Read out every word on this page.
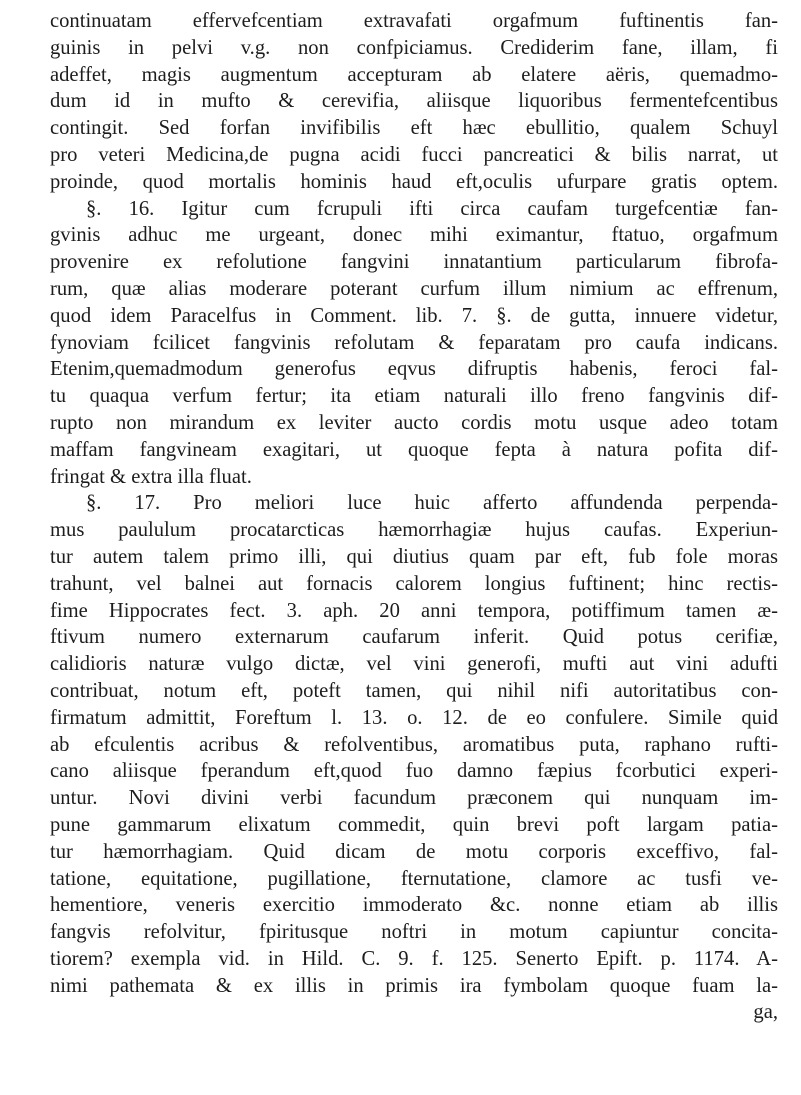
continuatam effervefcentiam extravafati orgafmum fuftinentis fan-
guinis in pelvi v.g. non confpiciamus. Crediderim fane, illam, fi
adeffet, magis augmentum accepturam ab elatere aëris, quemadmo-
dum id in mufto & cerevifia, aliisque liquoribus fermentefcentibus
contingit. Sed forfan invifibilis eft hæc ebullitio, qualem Schuyl
pro veteri Medicina,de pugna acidi fucci pancreatici & bilis narrat, ut
proinde, quod mortalis hominis haud eft,oculis ufurpare gratis optem.
§. 16. Igitur cum fcrupuli ifti circa caufam turgefcentiæ fan-
gvinis adhuc me urgeant, donec mihi eximantur, ftatuo, orgafmum
provenire ex refolutione fangvini innatantium particularum fibrofa-
rum, quæ alias moderare poterant curfum illum nimium ac effrenum,
quod idem Paracelfus in Comment. lib. 7. §. de gutta, innuere videtur,
fynoviam fcilicet fangvinis refolutam & feparatam pro caufa indicans.
Etenim,quemadmodum generofus eqvus difruptis habenis, feroci fal-
tu quaqua verfum fertur; ita etiam naturali illo freno fangvinis dif-
rupto non mirandum ex leviter aucto cordis motu usque adeo totam
maffam fangvineam exagitari, ut quoque fepta à natura pofita dif-
fringat & extra illa fluat.
§. 17. Pro meliori luce huic afferto affundenda perpenda-
mus paululum procatarcticas hæmorrhagiæ hujus caufas. Experiun-
tur autem talem primo illi, qui diutius quam par eft, fub fole moras
trahunt, vel balnei aut fornacis calorem longius fuftinent; hinc rectis-
fime Hippocrates fect. 3. aph. 20 anni tempora, potiffimum tamen æ-
ftivum numero externarum caufarum inferit. Quid potus cerifiæ,
calidioris naturæ vulgo dictæ, vel vini generofi, mufti aut vini adufti
contribuat, notum eft, poteft tamen, qui nihil nifi autoritatibus con-
firmatum admittit, Foreftum l. 13. o. 12. de eo confulere. Simile quid
ab efculentis acribus & refolventibus, aromatibus puta, raphano rufti-
cano aliisque fperandum eft,quod fuo damno fæpius fcorbutici experi-
untur. Novi divini verbi facundum præconem qui nunquam im-
pune gammarum elixatum commedit, quin brevi poft largam patia-
tur hæmorrhagiam. Quid dicam de motu corporis exceffivo, fal-
tatione, equitatione, pugillatione, fternutatione, clamore ac tusfi ve-
hementiore, veneris exercitio immoderato &c. nonne etiam ab illis
fangvis refolvitur, fpiritusque noftri in motum capiuntur concita-
tiorem? exempla vid. in Hild. C. 9. f. 125. Senerto Epift. p. 1174. A-
nimi pathemata & ex illis in primis ira fymbolam quoque fuam la-
ga,
